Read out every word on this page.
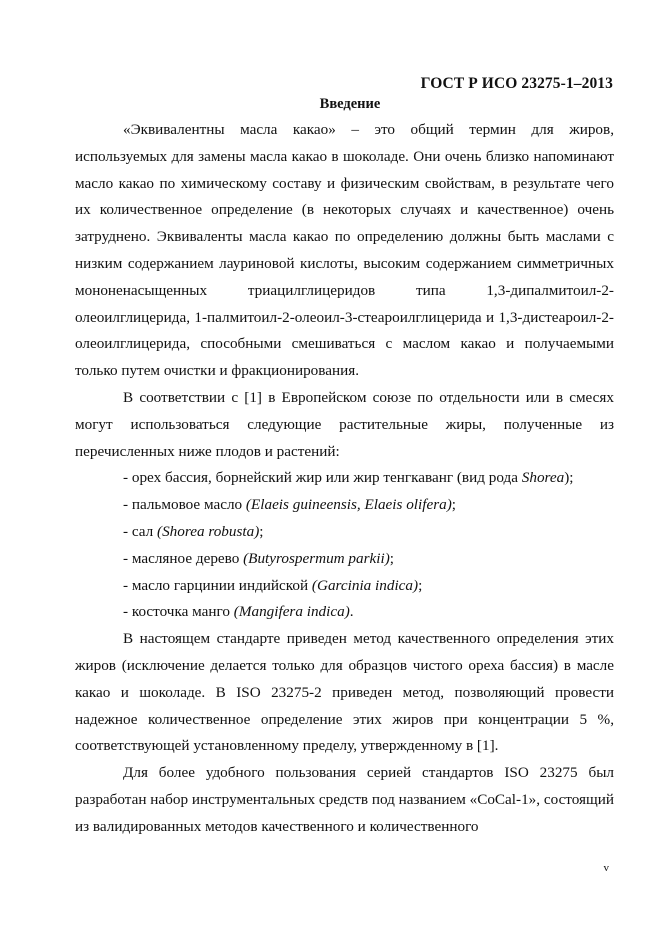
ГОСТ Р ИСО 23275-1–2013
Введение

«Эквивалентны масла какао» – это общий термин для жиров, используемых для замены масла какао в шоколаде. Они очень близко напоминают масло какао по химическому составу и физическим свойствам, в результате чего их количественное определение (в некоторых случаях и качественное) очень затруднено. Эквиваленты масла какао по определению должны быть маслами с низким содержанием лауриновой кислоты, высоким содержанием симметричных мононенасыщенных триацилглицеридов типа 1,3-дипалмитоил-2-олеоилглицерида, 1-палмитоил-2-олеоил-3-стеароилглицерида и 1,3-дистеароил-2-олеоилглицерида, способными смешиваться с маслом какао и получаемыми только путем очистки и фракционирования.

В соответствии с [1] в Европейском союзе по отдельности или в смесях могут использоваться следующие растительные жиры, полученные из перечисленных ниже плодов и растений:

- орех бассия, борнейский жир или жир тенгкаванг (вид рода Shorea);

- пальмовое масло (Elaeis guineensis, Elaeis olifera);

- сал (Shorea robusta);

- масляное дерево (Butyrospermum parkii);

- масло гарцинии индийской (Garcinia indica);

- косточка манго (Mangifera indica).

В настоящем стандарте приведен метод качественного определения этих жиров (исключение делается только для образцов чистого ореха бассия) в масле какао и шоколаде. В ISO 23275-2 приведен метод, позволяющий провести надежное количественное определение этих жиров при концентрации 5 %, соответствующей установленному пределу, утвержденному в [1].

Для более удобного пользования серией стандартов ISO 23275 был разработан набор инструментальных средств под названием «CoCal-1», состоящий из валидированных методов качественного и количественного

v
